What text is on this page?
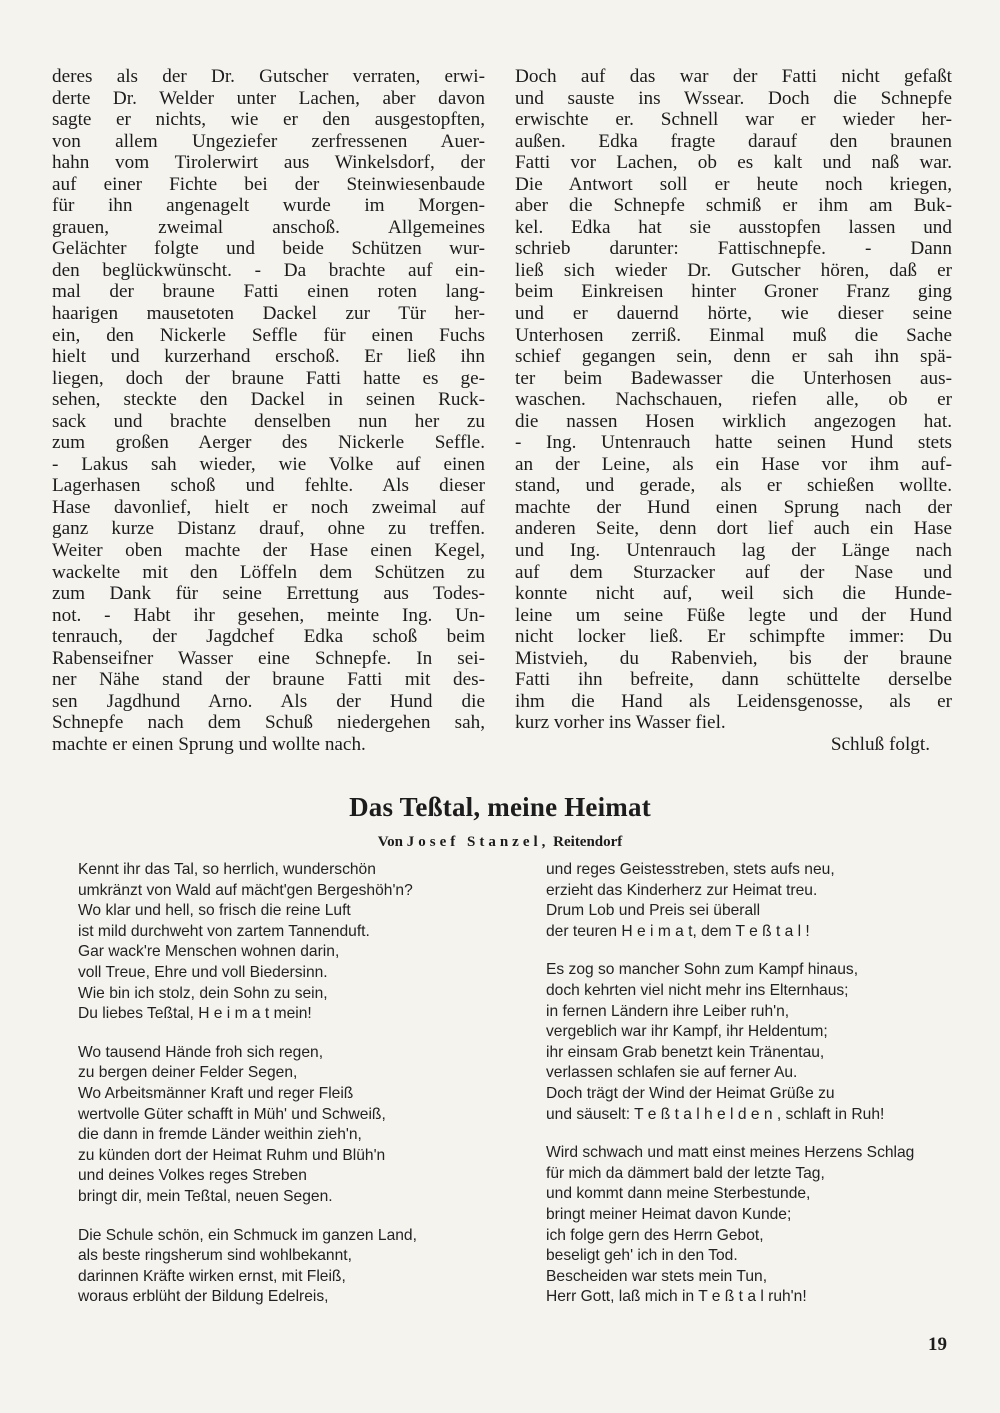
deres als der Dr. Gutscher verraten, erwi-
derte Dr. Welder unter Lachen, aber davon
sagte er nichts, wie er den ausgestopften,
von allem Ungeziefer zerfressenen Auer-
hahn vom Tirolerwirt aus Winkelsdorf, der
auf einer Fichte bei der Steinwiesenbaude
für ihn angenagelt wurde im Morgen-
grauen, zweimal anschoß. Allgemeines
Gelächter folgte und beide Schützen wur-
den beglückwünscht. - Da brachte auf ein-
mal der braune Fatti einen roten lang-
haarigen mausetoten Dackel zur Tür her-
ein, den Nickerle Seffle für einen Fuchs
hielt und kurzerhand erschoß. Er ließ ihn
liegen, doch der braune Fatti hatte es ge-
sehen, steckte den Dackel in seinen Ruck-
sack und brachte denselben nun her zu
zum großen Aerger des Nickerle Seffle.
- Lakus sah wieder, wie Volke auf einen
Lagerhasen schoß und fehlte. Als dieser
Hase davonlief, hielt er noch zweimal auf
ganz kurze Distanz drauf, ohne zu treffen.
Weiter oben machte der Hase einen Kegel,
wackelte mit den Löffeln dem Schützen zu
zum Dank für seine Errettung aus Todes-
not. - Habt ihr gesehen, meinte Ing. Un-
tenrauch, der Jagdchef Edka schoß beim
Rabenseifner Wasser eine Schnepfe. In sei-
ner Nähe stand der braune Fatti mit des-
sen Jagdhund Arno. Als der Hund die
Schnepfe nach dem Schuß niedergehen sah,
machte er einen Sprung und wollte nach.
Doch auf das war der Fatti nicht gefaßt
und sauste ins Wssear. Doch die Schnepfe
erwischte er. Schnell war er wieder her-
außen. Edka fragte darauf den braunen
Fatti vor Lachen, ob es kalt und naß war.
Die Antwort soll er heute noch kriegen,
aber die Schnepfe schmiß er ihm am Buk-
kel. Edka hat sie ausstopfen lassen und
schrieb darunter: Fattischnepfe. - Dann
ließ sich wieder Dr. Gutscher hören, daß er
beim Einkreisen hinter Groner Franz ging
und er dauernd hörte, wie dieser seine
Unterhosen zerriß. Einmal muß die Sache
schief gegangen sein, denn er sah ihn spä-
ter beim Badewasser die Unterhosen aus-
waschen. Nachschauen, riefen alle, ob er
die nassen Hosen wirklich angezogen hat.
- Ing. Untenrauch hatte seinen Hund stets
an der Leine, als ein Hase vor ihm auf-
stand, und gerade, als er schießen wollte.
machte der Hund einen Sprung nach der
anderen Seite, denn dort lief auch ein Hase
und Ing. Untenrauch lag der Länge nach
auf dem Sturzacker auf der Nase und
konnte nicht auf, weil sich die Hunde-
leine um seine Füße legte und der Hund
nicht locker ließ. Er schimpfte immer: Du
Mistvieh, du Rabenvieh, bis der braune
Fatti ihn befreite, dann schüttelte derselbe
ihm die Hand als Leidensgenosse, als er
kurz vorher ins Wasser fiel.
Schluß folgt.
Das Teßtal, meine Heimat
Von Josef Stanzel, Reitendorf
Kennt ihr das Tal, so herrlich, wunderschön
umkränzt von Wald auf mächt'gen Bergeshöh'n?
Wo klar und hell, so frisch die reine Luft
ist mild durchweht von zartem Tannenduft.
Gar wack're Menschen wohnen darin,
voll Treue, Ehre und voll Biedersinn.
Wie bin ich stolz, dein Sohn zu sein,
Du liebes Teßtal, H e i m a t mein!
Wo tausend Hände froh sich regen,
zu bergen deiner Felder Segen,
Wo Arbeitsmänner Kraft und reger Fleiß
wertvolle Güter schafft in Müh' und Schweiß,
die dann in fremde Länder weithin zieh'n,
zu künden dort der Heimat Ruhm und Blüh'n
und deines Volkes reges Streben
bringt dir, mein Teßtal, neuen Segen.
Die Schule schön, ein Schmuck im ganzen Land,
als beste ringsherum sind wohlbekannt,
darinnen Kräfte wirken ernst, mit Fleiß,
woraus erblüht der Bildung Edelreis,
und reges Geistesstreben, stets aufs neu,
erzieht das Kinderherz zur Heimat treu.
Drum Lob und Preis sei überall
der teuren H e i m a t, dem T e ß t a l !
Es zog so mancher Sohn zum Kampf hinaus,
doch kehrten viel nicht mehr ins Elternhaus;
in fernen Ländern ihre Leiber ruh'n,
vergeblich war ihr Kampf, ihr Heldentum;
ihr einsam Grab benetzt kein Tränentau,
verlassen schlafen sie auf ferner Au.
Doch trägt der Wind der Heimat Grüße zu
und säuselt: T e ß t a l h e l d e n , schlaft in Ruh!
Wird schwach und matt einst meines Herzens Schlag
für mich da dämmert bald der letzte Tag,
und kommt dann meine Sterbestunde,
bringt meiner Heimat davon Kunde;
ich folge gern des Herrn Gebot,
beseligt geh' ich in den Tod.
Bescheiden war stets mein Tun,
Herr Gott, laß mich in T e ß t a l ruh'n!
19
